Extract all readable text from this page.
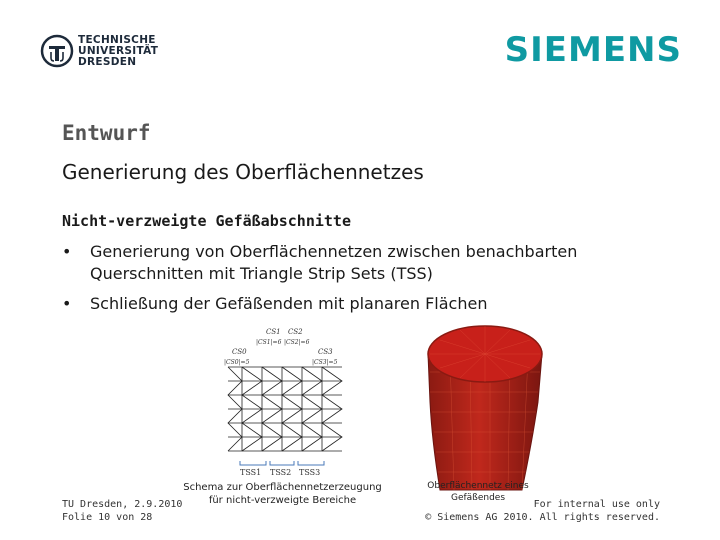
TECHNISCHE
UNIVERSITÄT
DRESDEN	SIEMENS
Entwurf
Generierung des Oberflächennetzes
Nicht-verzweigte Gefäßabschnitte
• Generierung von Oberflächennetzen zwischen benachbarten
Querschnitten mit Triangle Strip Sets (TSS)
• Schließung der Gefäßenden mit planaren Flächen
CS1
|CS1|=6
CS2
|CS2|=6
CS0
|CS0|=5
CS3
|CS3|=5
TSS1 TSS2 TSS3
Schema zur Oberflächennetzerzeugung
für nicht-verzweigte Bereiche
Oberflächennetz eines
Gefäßendes
TU Dresden, 2.9.2010
Folie 10 von 28
For internal use only
© Siemens AG 2010. All rights reserved.
